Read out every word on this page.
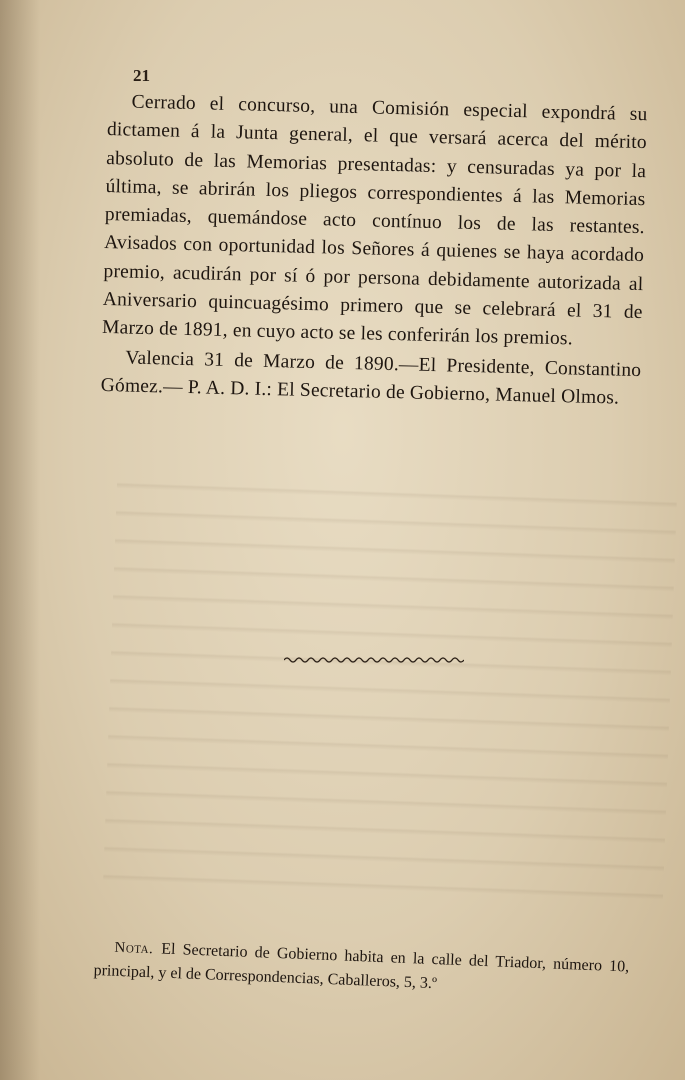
21

Cerrado el concurso, una Comisión especial expondrá su dictamen á la Junta general, el que versará acerca del mérito absoluto de las Memorias presentadas: y censuradas ya por la última, se abrirán los pliegos correspondientes á las Memorias premiadas, quemándose acto contínuo los de las restantes. Avisados con oportunidad los Señores á quienes se haya acordado premio, acudirán por sí ó por persona debidamente autorizada al Aniversario quincuagésimo primero que se celebrará el 31 de Marzo de 1891, en cuyo acto se les conferirán los premios.

Valencia 31 de Marzo de 1890.—El Presidente, Constantino Gómez.— P. A. D. I.: El Secretario de Gobierno, Manuel Olmos.

Nota. El Secretario de Gobierno habita en la calle del Triador, número 10, principal, y el de Correspondencias, Caballeros, 5, 3.º
